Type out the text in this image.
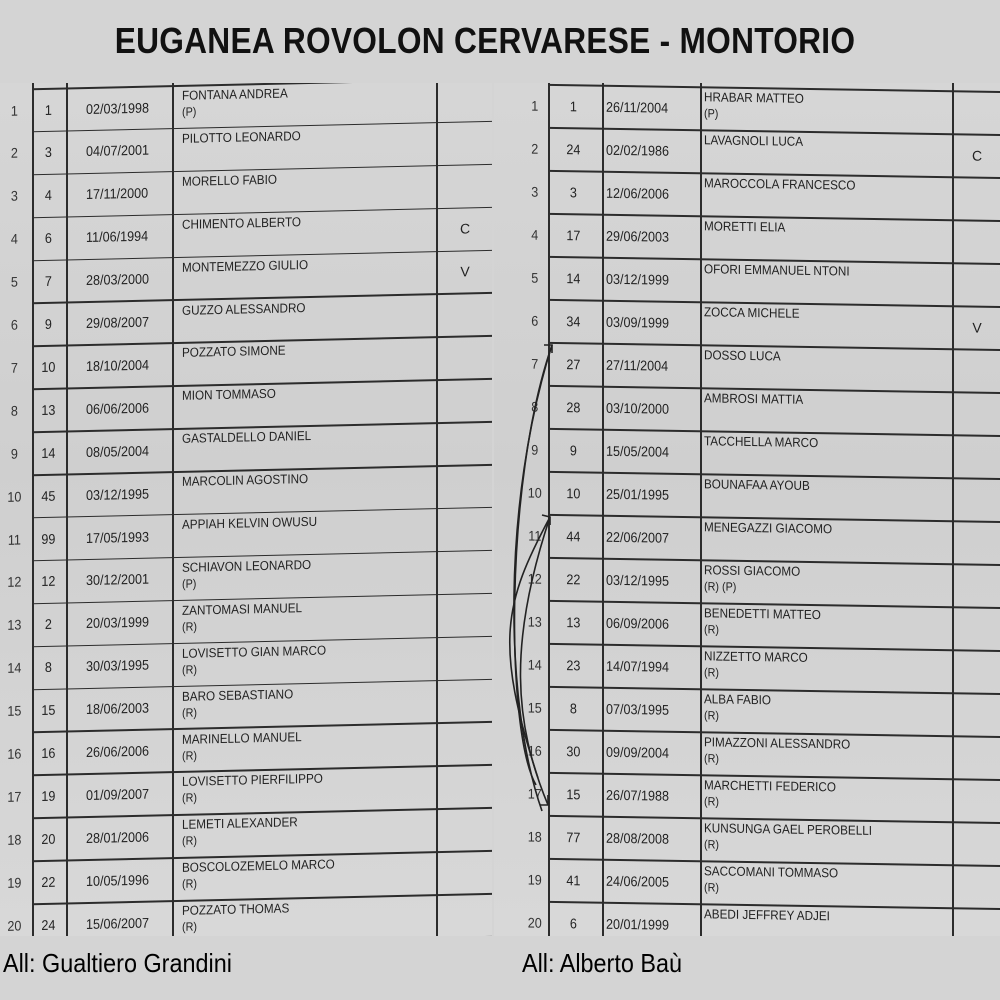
EUGANEA ROVOLON CERVARESE - MONTORIO
1	1	02/03/1998
FONTANA ANDREA
(P)
2	3	04/07/2001
PILOTTO LEONARDO
3	4	17/11/2000
MORELLO FABIO
4	6	11/06/1994	C
CHIMENTO ALBERTO
5	7	28/03/2000	V
MONTEMEZZO GIULIO
6	9	29/08/2007
GUZZO ALESSANDRO
7	10	18/10/2004
POZZATO SIMONE
8	13	06/06/2006
MION TOMMASO
9	14	08/05/2004
GASTALDELLO DANIEL
10	45	03/12/1995
MARCOLIN AGOSTINO
11	99	17/05/1993
APPIAH KELVIN OWUSU
12	12	30/12/2001
SCHIAVON LEONARDO
(P)
13	2	20/03/1999
ZANTOMASI MANUEL
(R)
14	8	30/03/1995
LOVISETTO GIAN MARCO
(R)
15	15	18/06/2003
BARO SEBASTIANO
(R)
16	16	26/06/2006
MARINELLO MANUEL
(R)
17	19	01/09/2007
LOVISETTO PIERFILIPPO
(R)
18	20	28/01/2006
LEMETI ALEXANDER
(R)
19	22	10/05/1996
BOSCOLOZEMELO MARCO
(R)
20	24	15/06/2007
POZZATO THOMAS
(R)
1	1	26/11/2004
HRABAR MATTEO
(P)
2	24	02/02/1986	C
LAVAGNOLI LUCA
3	3	12/06/2006
MAROCCOLA FRANCESCO
4	17	29/06/2003
MORETTI ELIA
5	14	03/12/1999
OFORI EMMANUEL NTONI
6	34	03/09/1999	V
ZOCCA MICHELE
7	27	27/11/2004
DOSSO LUCA
8	28	03/10/2000
AMBROSI MATTIA
9	9	15/05/2004
TACCHELLA MARCO
10	10	25/01/1995
BOUNAFAA AYOUB
11	44	22/06/2007
MENEGAZZI GIACOMO
12	22	03/12/1995
ROSSI GIACOMO
(R) (P)
13	13	06/09/2006
BENEDETTI MATTEO
(R)
14	23	14/07/1994
NIZZETTO MARCO
(R)
15	8	07/03/1995
ALBA FABIO
(R)
16	30	09/09/2004
PIMAZZONI ALESSANDRO
(R)
17	15	26/07/1988
MARCHETTI FEDERICO
(R)
18	77	28/08/2008	KUNSUNGA GAEL PEROBELLI
(R)
19	41	24/06/2005
SACCOMANI TOMMASO
(R)
20	6	20/01/1999
ABEDI JEFFREY ADJEI
All: Gualtiero Grandini	All: Alberto Baù
